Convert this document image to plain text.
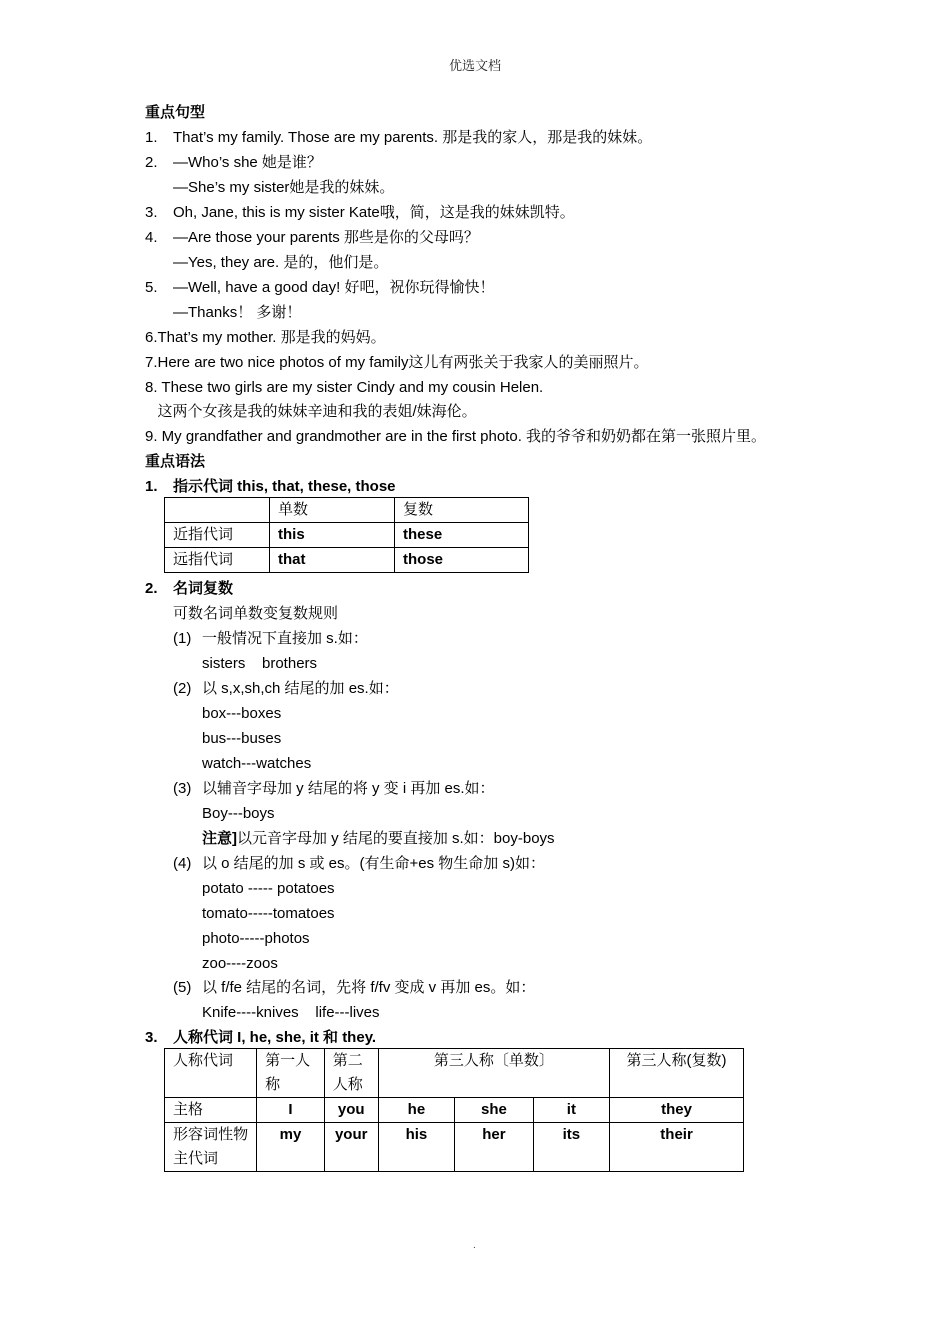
优选文档
重点句型
1. That’s my family. Those are my parents. 那是我的家人，那是我的妹妹。
2. —Who’s she 她是谁？
—She’s my sister她是我的妹妹。
3. Oh, Jane, this is my sister Kate哦，简，这是我的妹妹凯特。
4. —Are those your parents 那些是你的父母吗？
—Yes, they are. 是的，他们是。
5. —Well, have a good day! 好吧，祝你玩得愉快！
—Thanks！ 多谢！
6.That’s my mother. 那是我的妈妈。
7.Here are two nice photos of my family这儿有两张关于我家人的美丽照片。
8. These two girls are my sister Cindy and my cousin Helen.
这两个女孩是我的妹妹辛迪和我的表姐/妹海伦。
9. My grandfather and grandmother are in the first photo. 我的爷爷和奶奶都在第一张照片里。
重点语法
1. 指示代词 this, that, these, those
	单数	复数
近指代词	this	these
远指代词	that	those
2. 名词复数
可数名词单数变复数规则
(1) 一般情况下直接加 s.如：
sisters    brothers
(2) 以 s,x,sh,ch 结尾的加 es.如：
box---boxes
bus---buses
watch---watches
(3) 以辅音字母加 y 结尾的将 y 变 i 再加 es.如：
Boy---boys
注意]以元音字母加 y 结尾的要直接加 s.如：boy-boys
(4) 以 o 结尾的加 s 或 es。(有生命+es 物生命加 s)如：
potato ----- potatoes
tomato-----tomatoes
photo-----photos
zoo----zoos
(5) 以 f/fe 结尾的名词，先将 f/fv 变成 v 再加 es。如：
Knife----knives    life---lives
3. 人称代词 I, he, she, it 和 they.
人称代词	第一人称	第二人称	第三人称〔单数〕			第三人称(复数)
主格	I	you	he	she	it	they
形容词性物主代词	my	your	his	her	its	their
.
